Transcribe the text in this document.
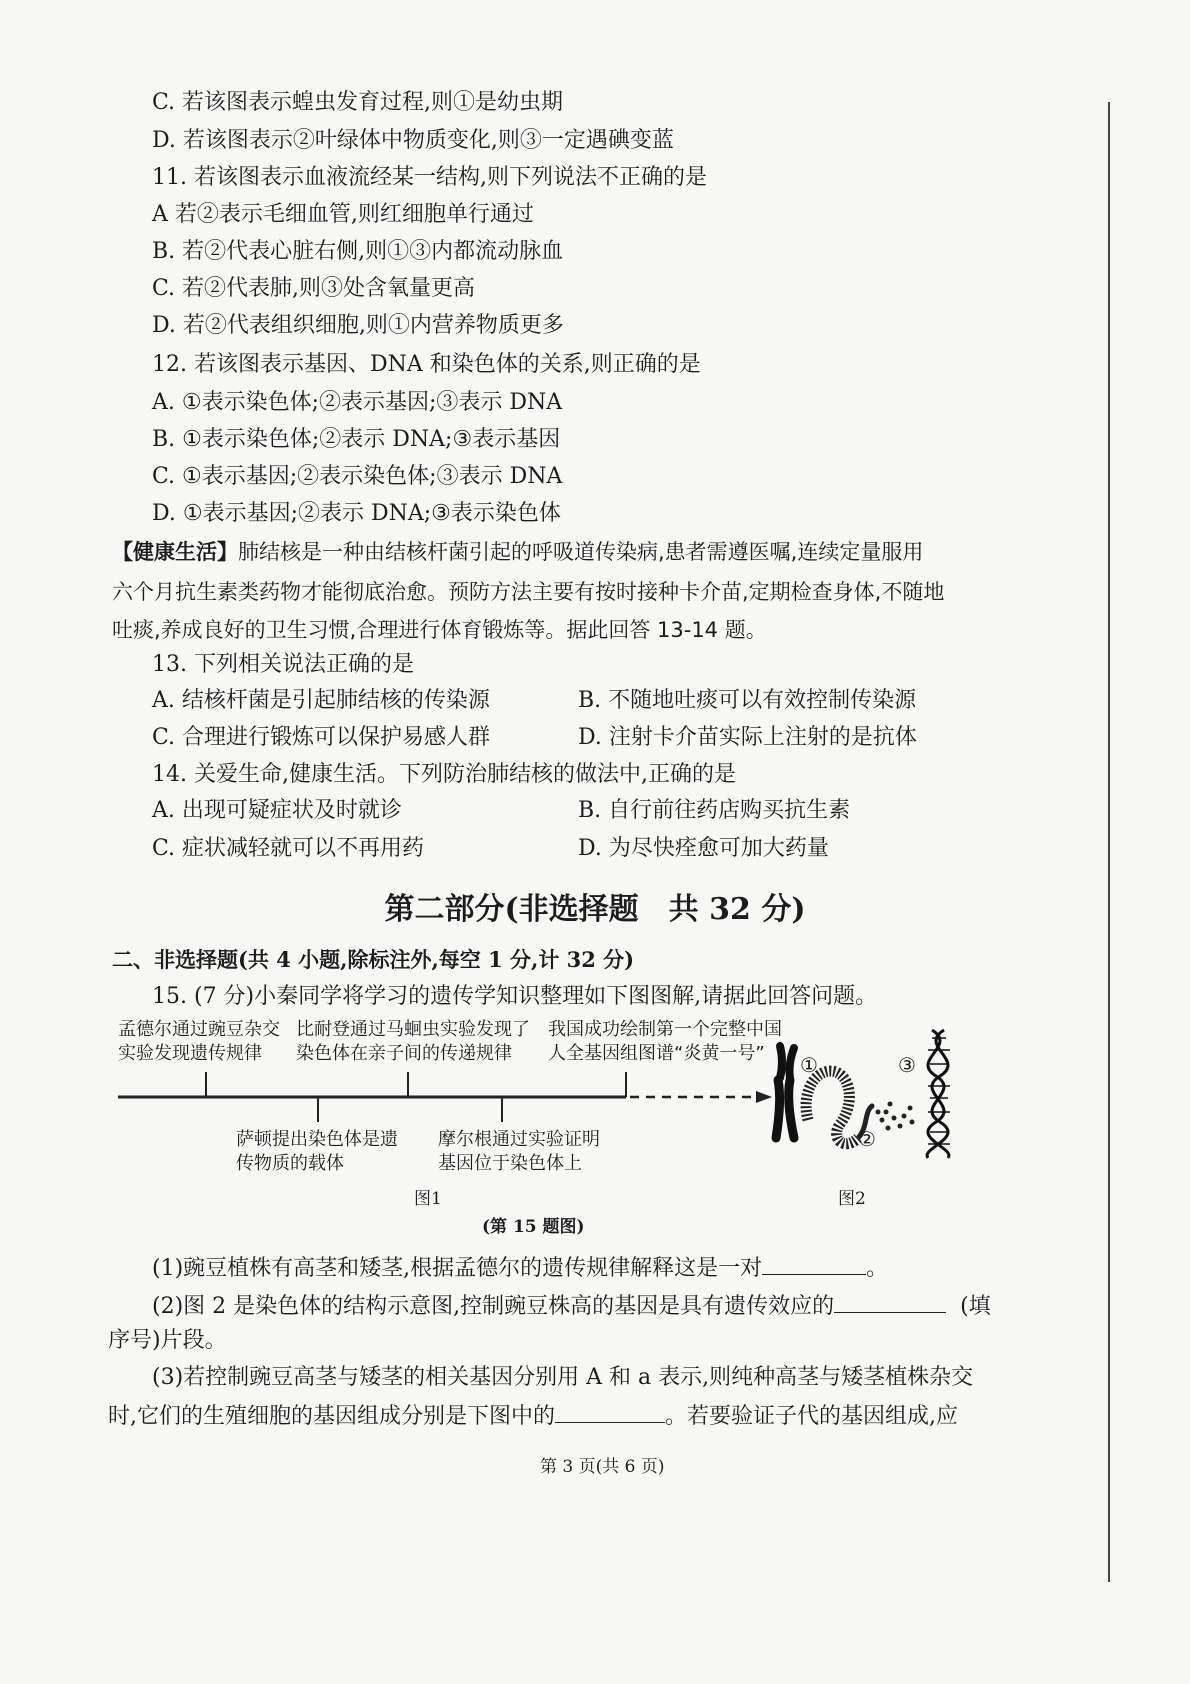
C. 若该图表示蝗虫发育过程,则①是幼虫期
D. 若该图表示②叶绿体中物质变化,则③一定遇碘变蓝
11. 若该图表示血液流经某一结构,则下列说法不正确的是
A 若②表示毛细血管,则红细胞单行通过
B. 若②代表心脏右侧,则①③内都流动脉血
C. 若②代表肺,则③处含氧量更高
D. 若②代表组织细胞,则①内营养物质更多
12. 若该图表示基因、DNA 和染色体的关系,则正确的是
A. ①表示染色体;②表示基因;③表示 DNA
B. ①表示染色体;②表示 DNA;③表示基因
C. ①表示基因;②表示染色体;③表示 DNA
D. ①表示基因;②表示 DNA;③表示染色体
【健康生活】肺结核是一种由结核杆菌引起的呼吸道传染病,患者需遵医嘱,连续定量服用
六个月抗生素类药物才能彻底治愈。预防方法主要有按时接种卡介苗,定期检查身体,不随地
吐痰,养成良好的卫生习惯,合理进行体育锻炼等。据此回答 13-14 题。
13. 下列相关说法正确的是
A. 结核杆菌是引起肺结核的传染源	B. 不随地吐痰可以有效控制传染源
C. 合理进行锻炼可以保护易感人群	D. 注射卡介苗实际上注射的是抗体
14. 关爱生命,健康生活。下列防治肺结核的做法中,正确的是
A. 出现可疑症状及时就诊	B. 自行前往药店购买抗生素
C. 症状减轻就可以不再用药	D. 为尽快痊愈可加大药量
第二部分(非选择题　共 32 分)
二、非选择题(共 4 小题,除标注外,每空 1 分,计 32 分)
15. (7 分)小秦同学将学习的遗传学知识整理如下图图解,请据此回答问题。
孟德尔通过豌豆杂交
实验发现遗传规律
比耐登通过马蛔虫实验发现了
染色体在亲子间的传递规律
我国成功绘制第一个完整中国
人全基因组图谱“炎黄一号”
萨顿提出染色体是遗
传物质的载体
摩尔根通过实验证明
基因位于染色体上
图1
①
②
③
图2
(第 15 题图)
(1)豌豆植株有高茎和矮茎,根据孟德尔的遗传规律解释这是一对	。
(2)图 2 是染色体的结构示意图,控制豌豆株高的基因是具有遗传效应的	(填
序号)片段。
(3)若控制豌豆高茎与矮茎的相关基因分别用 A 和 a 表示,则纯种高茎与矮茎植株杂交
时,它们的生殖细胞的基因组成分别是下图中的	。若要验证子代的基因组成,应
第 3 页(共 6 页)
